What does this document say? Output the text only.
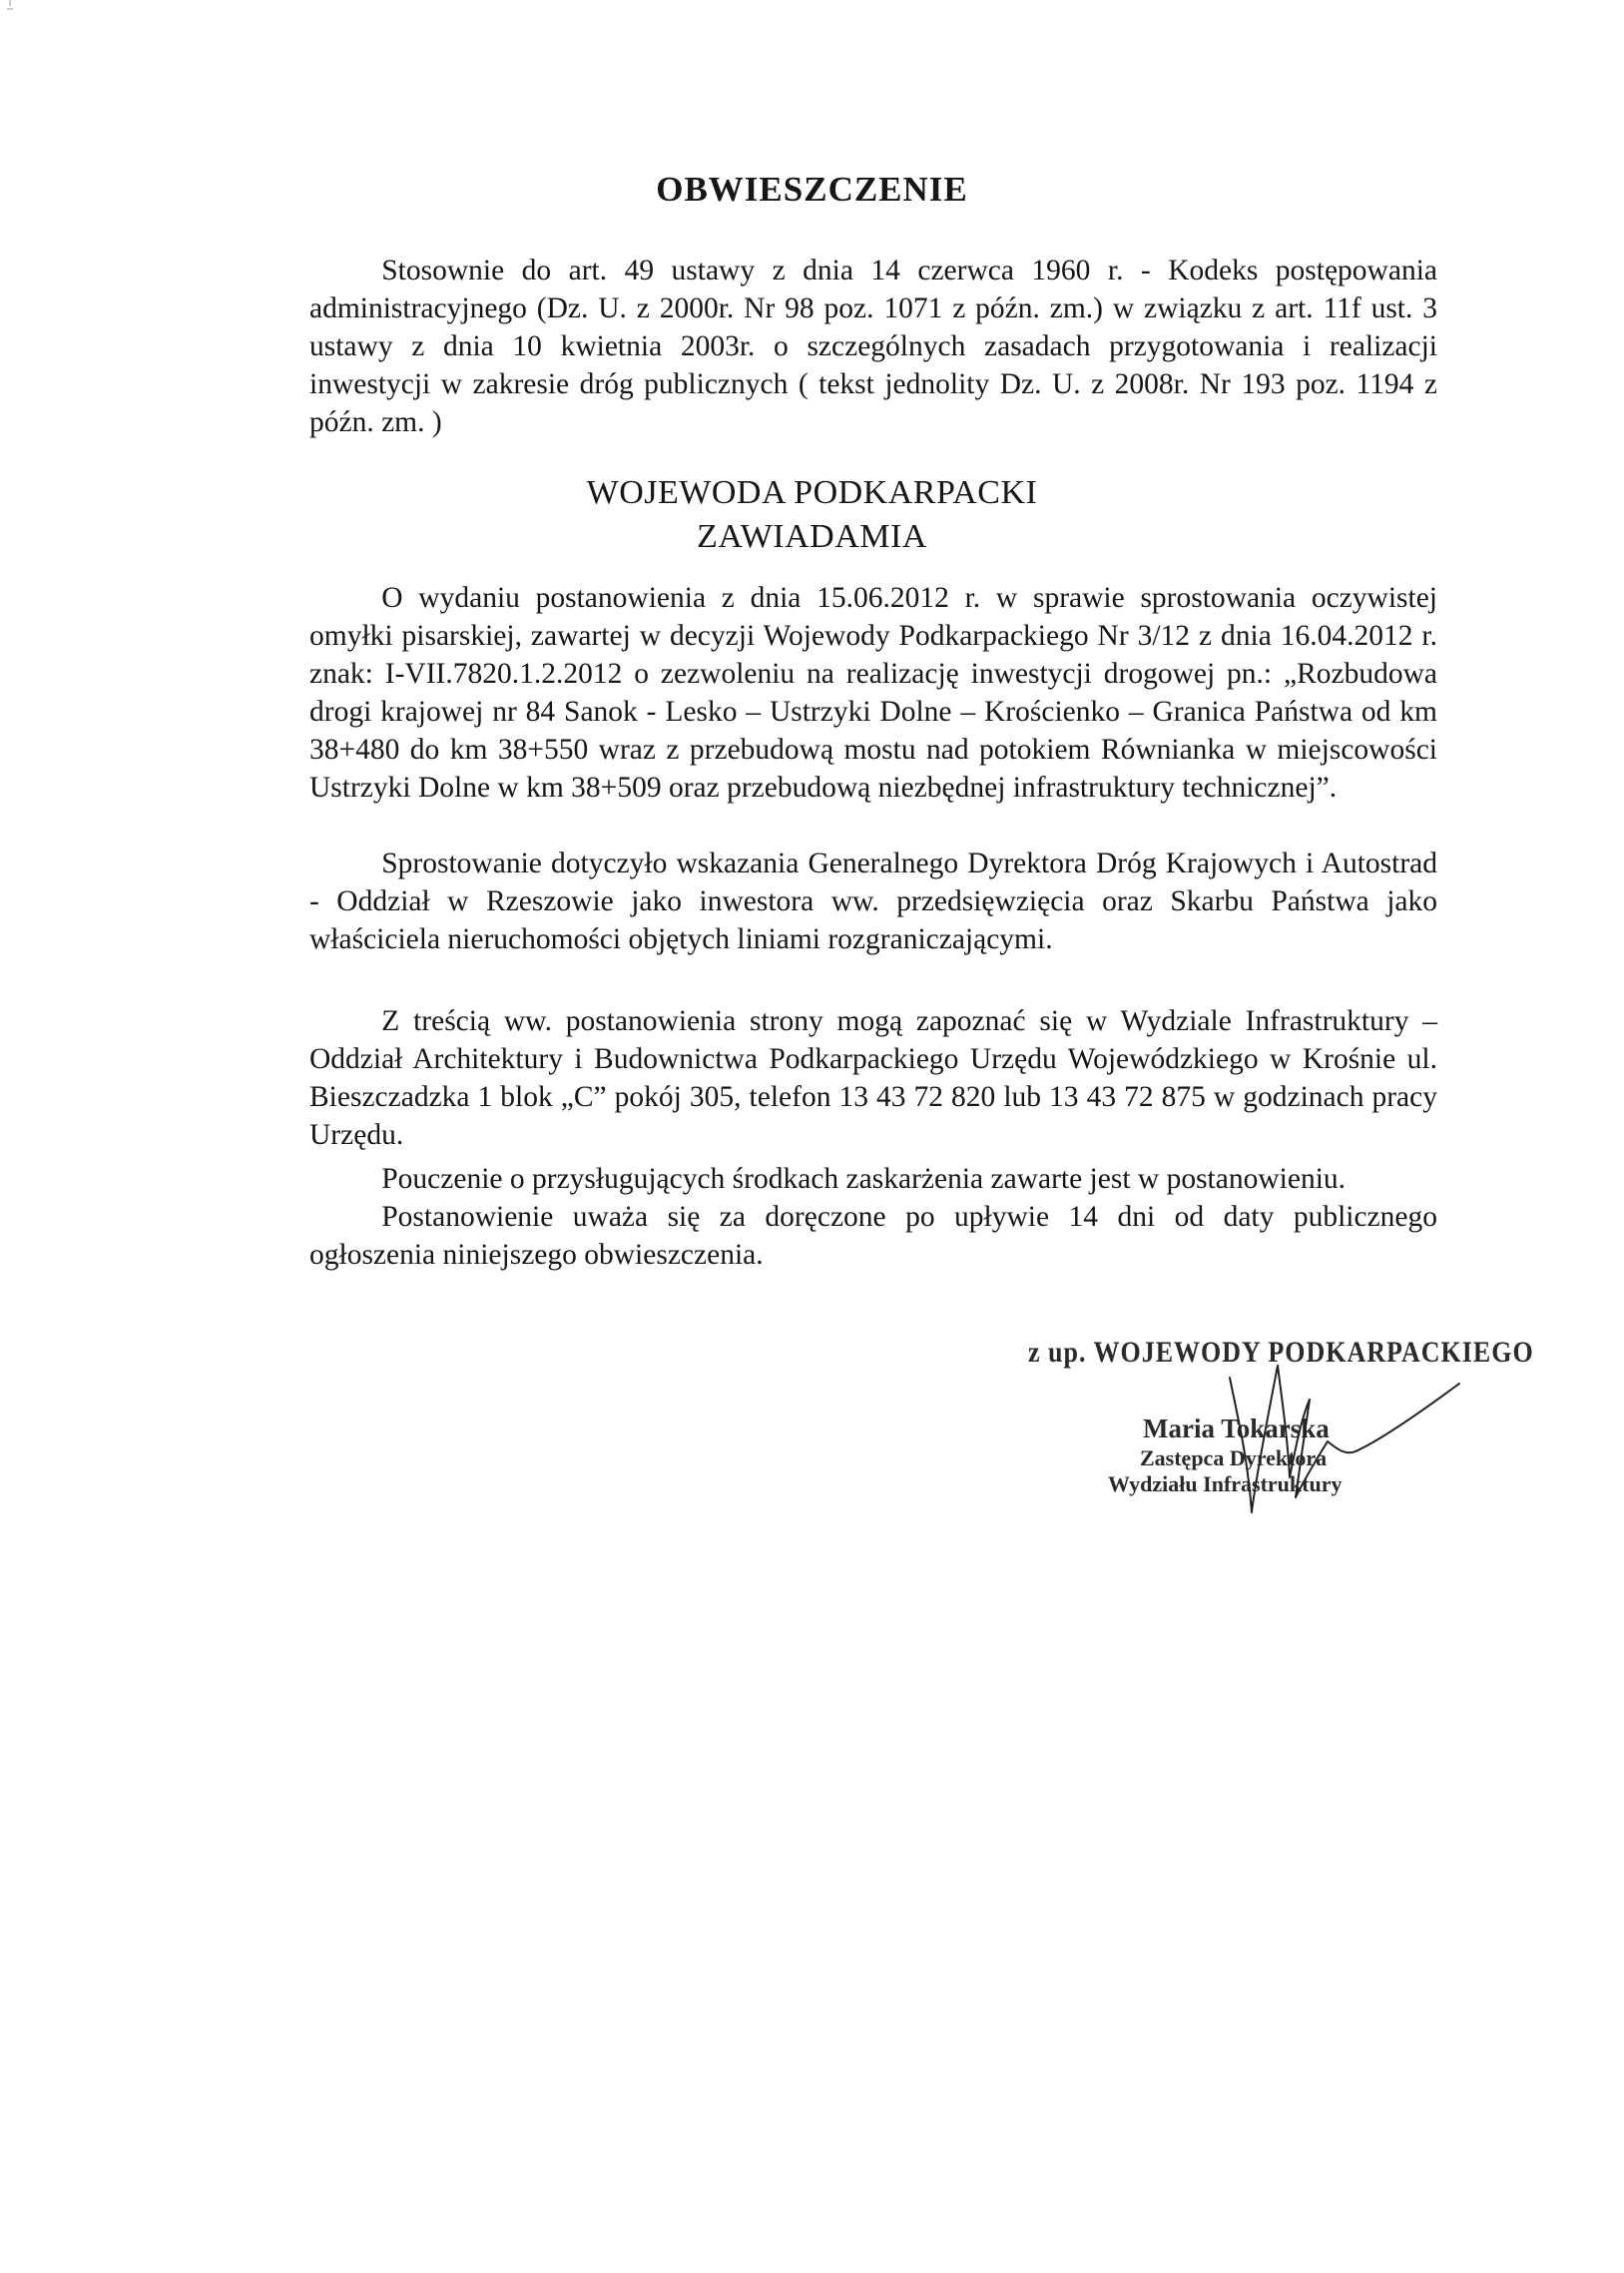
OBWIESZCZENIE

Stosownie do art. 49 ustawy z dnia 14 czerwca 1960 r. - Kodeks postępowania administracyjnego (Dz. U. z 2000r. Nr 98 poz. 1071 z późn. zm.) w związku z art. 11f ust. 3 ustawy z dnia 10 kwietnia 2003r. o szczególnych zasadach przygotowania i realizacji inwestycji w zakresie dróg publicznych ( tekst jednolity Dz. U. z 2008r. Nr 193 poz. 1194 z późn. zm. )

WOJEWODA PODKARPACKI
ZAWIADAMIA

O wydaniu postanowienia z dnia 15.06.2012 r. w sprawie sprostowania oczywistej omyłki pisarskiej, zawartej w decyzji Wojewody Podkarpackiego Nr 3/12 z dnia 16.04.2012 r. znak: I-VII.7820.1.2.2012 o zezwoleniu na realizację inwestycji drogowej pn.: „Rozbudowa drogi krajowej nr 84 Sanok - Lesko – Ustrzyki Dolne – Krościenko – Granica Państwa od km 38+480 do km 38+550 wraz z przebudową mostu nad potokiem Równianka w miejscowości Ustrzyki Dolne w km 38+509 oraz przebudową niezbędnej infrastruktury technicznej”.

Sprostowanie dotyczyło wskazania Generalnego Dyrektora Dróg Krajowych i Autostrad - Oddział w Rzeszowie jako inwestora ww. przedsięwzięcia oraz Skarbu Państwa jako właściciela nieruchomości objętych liniami rozgraniczającymi.

Z treścią ww. postanowienia strony mogą zapoznać się w Wydziale Infrastruktury – Oddział Architektury i Budownictwa Podkarpackiego Urzędu Wojewódzkiego w Krośnie ul. Bieszczadzka 1 blok „C” pokój 305, telefon 13 43 72 820 lub 13 43 72 875 w godzinach pracy Urzędu.

Pouczenie o przysługujących środkach zaskarżenia zawarte jest w postanowieniu.

Postanowienie uważa się za doręczone po upływie 14 dni od daty publicznego ogłoszenia niniejszego obwieszczenia.

z up. WOJEWODY PODKARPACKIEGO
Maria Tokarska
Zastępca Dyrektora
Wydziału Infrastruktury
